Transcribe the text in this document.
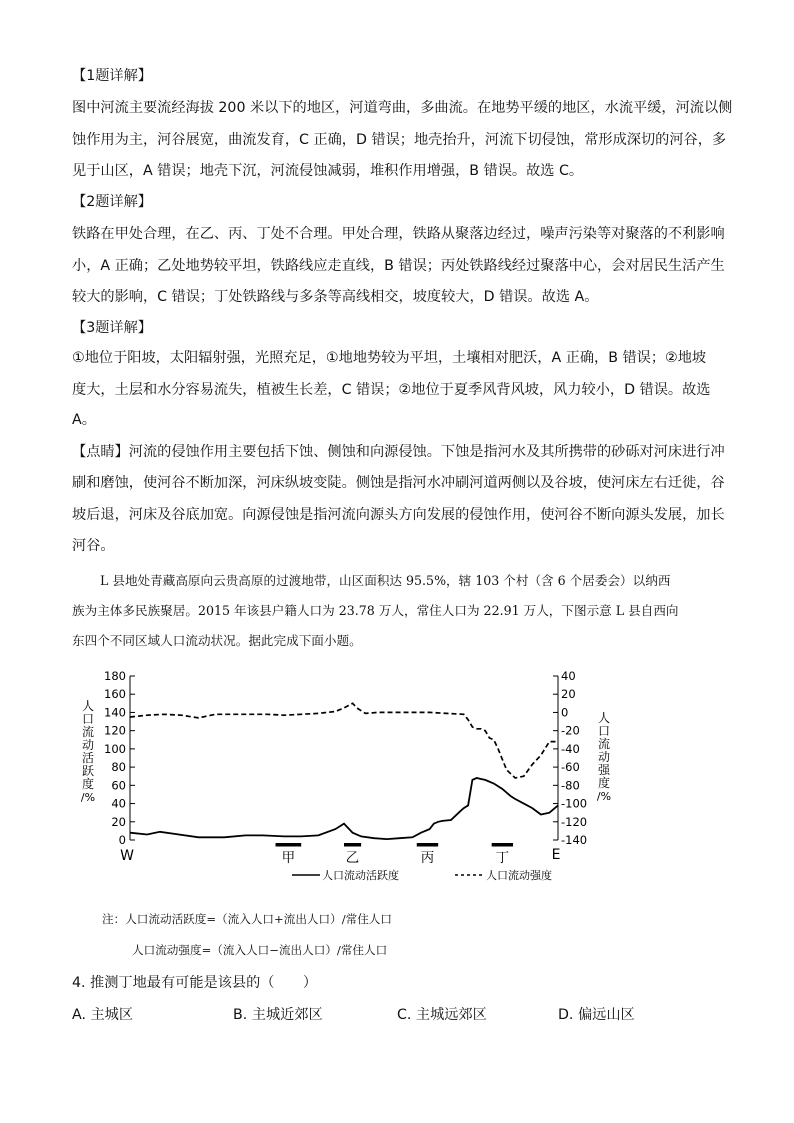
【1题详解】
图中河流主要流经海拔 200 米以下的地区，河道弯曲，多曲流。在地势平缓的地区，水流平缓，河流以侧
蚀作用为主，河谷展宽，曲流发育，C 正确，D 错误；地壳抬升，河流下切侵蚀，常形成深切的河谷，多
见于山区，A 错误；地壳下沉，河流侵蚀减弱，堆积作用增强，B 错误。故选 C。
【2题详解】
铁路在甲处合理，在乙、丙、丁处不合理。甲处合理，铁路从聚落边经过，噪声污染等对聚落的不利影响
小，A 正确；乙处地势较平坦，铁路线应走直线，B 错误；丙处铁路线经过聚落中心，会对居民生活产生
较大的影响，C 错误；丁处铁路线与多条等高线相交，坡度较大，D 错误。故选 A。
【3题详解】
①地位于阳坡，太阳辐射强，光照充足，①地地势较为平坦，土壤相对肥沃，A 正确，B 错误；②地坡
度大，土层和水分容易流失，植被生长差，C 错误；②地位于夏季风背风坡，风力较小，D 错误。故选
A。
【点睛】河流的侵蚀作用主要包括下蚀、侧蚀和向源侵蚀。下蚀是指河水及其所携带的砂砾对河床进行冲
刷和磨蚀，使河谷不断加深，河床纵坡变陡。侧蚀是指河水冲刷河道两侧以及谷坡，使河床左右迁徙，谷
坡后退，河床及谷底加宽。向源侵蚀是指河流向源头方向发展的侵蚀作用，使河谷不断向源头发展，加长
河谷。
L 县地处青藏高原向云贵高原的过渡地带，山区面积达 95.5%，辖 103 个村（含 6 个居委会）以纳西
族为主体多民族聚居。2015 年该县户籍人口为 23.78 万人，常住人口为 22.91 万人，下图示意 L 县自西向
东四个不同区域人口流动状况。据此完成下面小题。
0
20
40
60
80
100
120
140
160
180	40
20
0
-20
-40
-60
-80
-100
-120
-140
人
口
流
动
活
跃
度
/%
人
口
流
动
强
度
/%
甲	乙	丙	丁
W	E
人口流动活跃度	人口流动强度
注：人口流动活跃度=（流入人口+流出人口）/常住人口
人口流动强度=（流入人口−流出人口）/常住人口
4. 推测丁地最有可能是该县的（　　）
A. 主城区	B. 主城近郊区	C. 主城远郊区	D. 偏远山区
